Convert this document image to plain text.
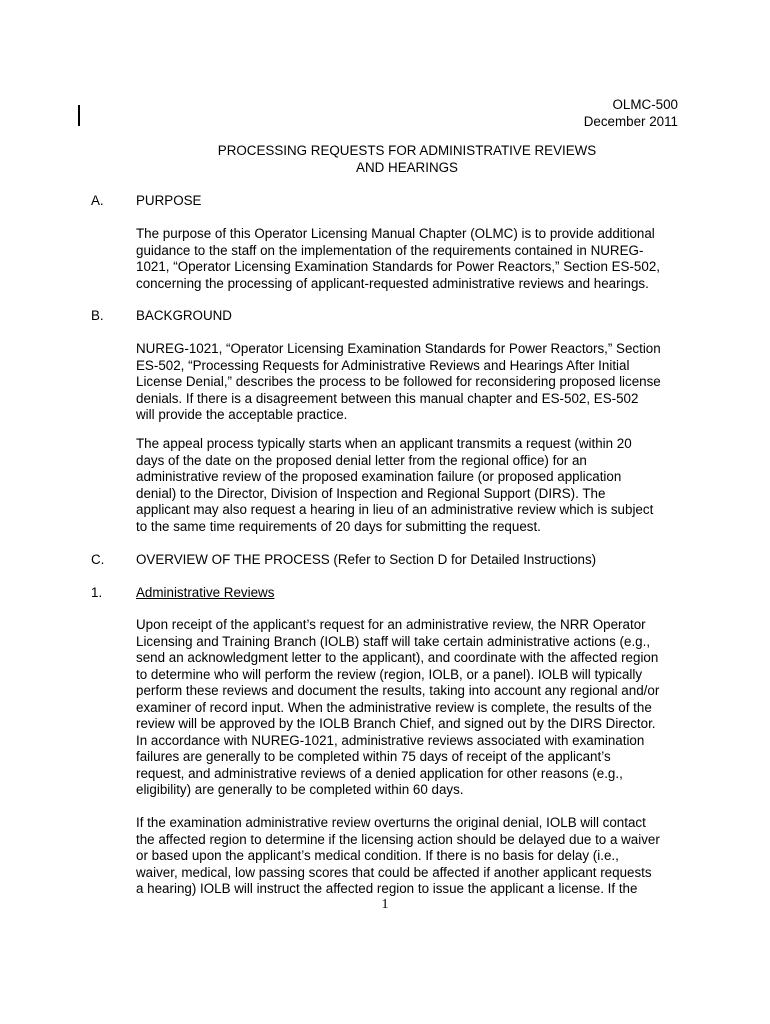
OLMC-500
December 2011
PROCESSING REQUESTS FOR ADMINISTRATIVE REVIEWS
AND HEARINGS
A. PURPOSE
The purpose of this Operator Licensing Manual Chapter (OLMC) is to provide additional
guidance to the staff on the implementation of the requirements contained in NUREG-
1021, “Operator Licensing Examination Standards for Power Reactors,” Section ES-502,
concerning the processing of applicant-requested administrative reviews and hearings.
B. BACKGROUND
NUREG-1021, “Operator Licensing Examination Standards for Power Reactors,” Section
ES-502, “Processing Requests for Administrative Reviews and Hearings After Initial
License Denial,” describes the process to be followed for reconsidering proposed license
denials. If there is a disagreement between this manual chapter and ES-502, ES-502
will provide the acceptable practice.
The appeal process typically starts when an applicant transmits a request (within 20
days of the date on the proposed denial letter from the regional office) for an
administrative review of the proposed examination failure (or proposed application
denial) to the Director, Division of Inspection and Regional Support (DIRS). The
applicant may also request a hearing in lieu of an administrative review which is subject
to the same time requirements of 20 days for submitting the request.
C. OVERVIEW OF THE PROCESS (Refer to Section D for Detailed Instructions)
1.	Administrative Reviews
Upon receipt of the applicant’s request for an administrative review, the NRR Operator
Licensing and Training Branch (IOLB) staff will take certain administrative actions (e.g.,
send an acknowledgment letter to the applicant), and coordinate with the affected region
to determine who will perform the review (region, IOLB, or a panel). IOLB will typically
perform these reviews and document the results, taking into account any regional and/or
examiner of record input. When the administrative review is complete, the results of the
review will be approved by the IOLB Branch Chief, and signed out by the DIRS Director.
In accordance with NUREG-1021, administrative reviews associated with examination
failures are generally to be completed within 75 days of receipt of the applicant’s
request, and administrative reviews of a denied application for other reasons (e.g.,
eligibility) are generally to be completed within 60 days.
If the examination administrative review overturns the original denial, IOLB will contact
the affected region to determine if the licensing action should be delayed due to a waiver
or based upon the applicant’s medical condition. If there is no basis for delay (i.e.,
waiver, medical, low passing scores that could be affected if another applicant requests
a hearing) IOLB will instruct the affected region to issue the applicant a license. If the
1
